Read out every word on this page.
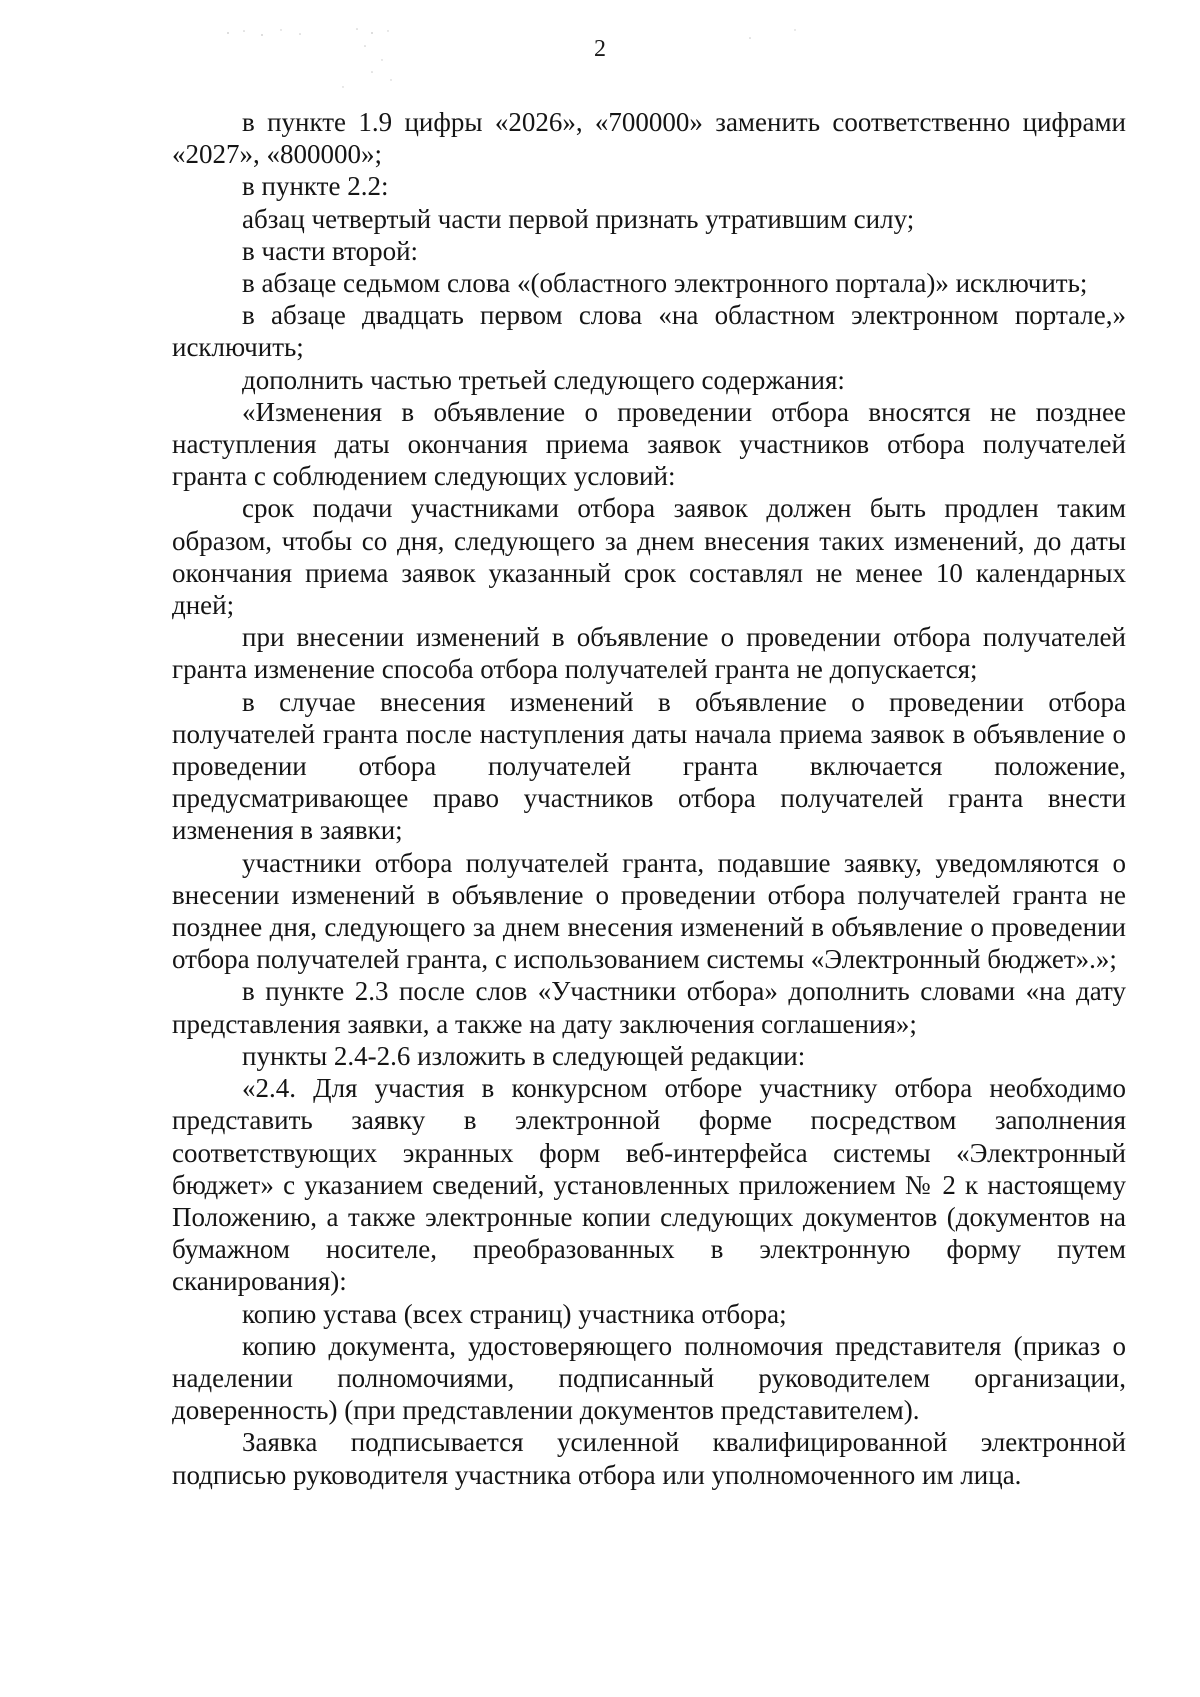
2

в пункте 1.9 цифры «2026», «700000» заменить соответственно цифрами «2027», «800000»;

в пункте 2.2:

абзац четвертый части первой признать утратившим силу;

в части второй:

в абзаце седьмом слова «(областного электронного портала)» исключить;

в абзаце двадцать первом слова «на областном электронном портале,» исключить;

дополнить частью третьей следующего содержания:

«Изменения в объявление о проведении отбора вносятся не позднее наступления даты окончания приема заявок участников отбора получателей гранта с соблюдением следующих условий:

срок подачи участниками отбора заявок должен быть продлен таким образом, чтобы со дня, следующего за днем внесения таких изменений, до даты окончания приема заявок указанный срок составлял не менее 10 календарных дней;

при внесении изменений в объявление о проведении отбора получателей гранта изменение способа отбора получателей гранта не допускается;

в случае внесения изменений в объявление о проведении отбора получателей гранта после наступления даты начала приема заявок в объявление о проведении отбора получателей гранта включается положение, предусматривающее право участников отбора получателей гранта внести изменения в заявки;

участники отбора получателей гранта, подавшие заявку, уведомляются о внесении изменений в объявление о проведении отбора получателей гранта не позднее дня, следующего за днем внесения изменений в объявление о проведении отбора получателей гранта, с использованием системы «Электронный бюджет».»;

в пункте 2.3 после слов «Участники отбора» дополнить словами «на дату представления заявки, а также на дату заключения соглашения»;

пункты 2.4-2.6 изложить в следующей редакции:

«2.4. Для участия в конкурсном отборе участнику отбора необходимо представить заявку в электронной форме посредством заполнения соответствующих экранных форм веб-интерфейса системы «Электронный бюджет» с указанием сведений, установленных приложением № 2 к настоящему Положению, а также электронные копии следующих документов (документов на бумажном носителе, преобразованных в электронную форму путем сканирования):

копию устава (всех страниц) участника отбора;

копию документа, удостоверяющего полномочия представителя (приказ о наделении полномочиями, подписанный руководителем организации, доверенность) (при представлении документов представителем).

Заявка подписывается усиленной квалифицированной электронной подписью руководителя участника отбора или уполномоченного им лица.
